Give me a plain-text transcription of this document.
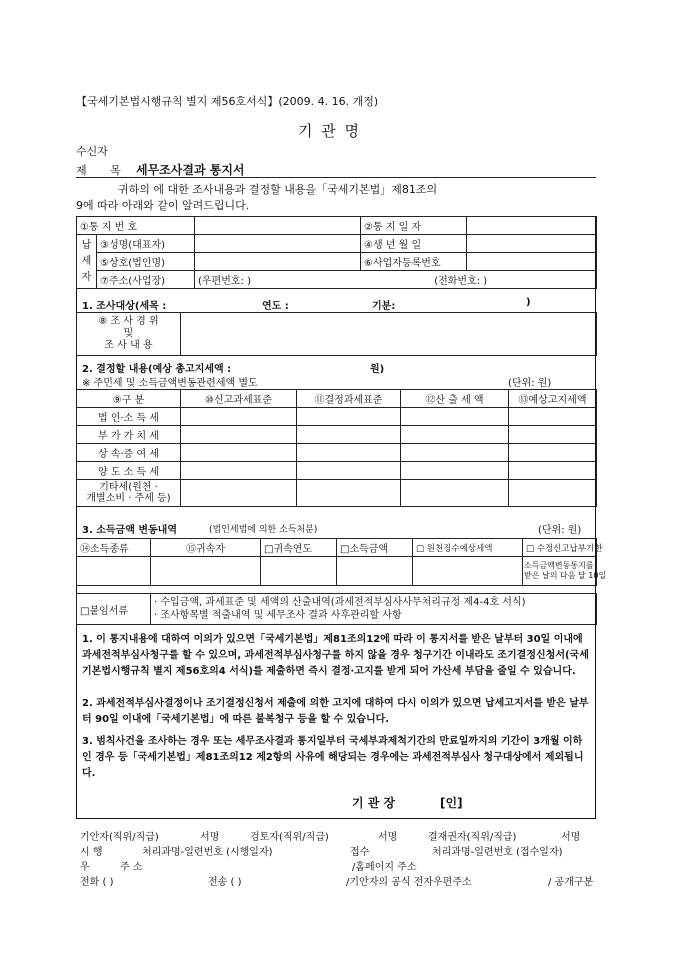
【국세기본법시행규칙 별지 제56호서식】(2009. 4. 16. 개정)
기 관 명
수신자
제 목 세무조사결과 통지서
귀하의 에 대한 조사내용과 결정할 내용을「국세기본법」제81조의
9에 따라 아래와 같이 알려드립니다.
①통 지 번 호			②통 지 일 자	

납
세
자	③성명(대표자)		④생 년 월 일	
	⑤상호(법인명)		⑥사업자등록번호	
	⑦주소(사업장)	(우편번호: ) (전화번호: )		
1. 조사대상(세목 :	연도 :	기분:	)
⑧ 조 사 경 위
및
조 사 내 용

2. 결정할 내용(예상 총고지세액 :	원)
※ 주민세 및 소득금액변동관련세액 별도	(단위: 원)
⑨구 분	⑩신고과세표준	⑪결정과세표준	⑫산 출 세 액	⑬예상고지세액
법 인·소 득 세				
부 가 가 치 세				
상 속·증 여 세				
양 도 소 득 세				

기타세(원천 ·
개별소비 · 주세 등)				

3. 소득금액 변동내역	(법인세법에 의한 소득처분)	(단위: 원)
⑭소득종류	⑮귀속자	□귀속연도	□소득금액	□ 원천징수예상세액	□ 수정신고납부기한

					소득금액변동통지를
받은 날의 다음 달 10일
□붙임서류	
· 수입금액, 과세표준 및 세액의 산출내역(과세전적부심사사무처리규정 제4-4호 서식)
· 조사항목별 적출내역 및 세무조사 결과 사후관리할 사항
1. 이 통지내용에 대하여 이의가 있으면「국세기본법」제81조의12에 따라 이 통지서를 받은 날부터 30일 이내에 과세전적부심사청구를 할 수 있으며, 과세전적부심사청구를 하지 않을 경우 청구기간 이내라도 조기결정신청서(국세기본법시행규칙 별지 제56호의4 서식)를 제출하면 즉시 결정·고지를 받게 되어 가산세 부담을 줄일 수 있습니다.
2. 과세전적부심사결정이나 조기결정신청서 제출에 의한 고지에 대하여 다시 이의가 있으면 납세고지서를 받은 날부터 90일 이내에「국세기본법」에 따른 불복청구 등을 할 수 있습니다.
3. 범칙사건을 조사하는 경우 또는 세무조사결과 통지일부터 국세부과제척기간의 만료일까지의 기간이 3개월 이하인 경우 등「국세기본법」제81조의12 제2항의 사유에 해당되는 경우에는 과세전적부심사 청구대상에서 제외됩니다.
기 관 장	[인]
기안자(직위/직급)	서명	검토자(직위/직급)	서명	결재권자(직위/직급)	서명
시 행	처리과명-일련번호 (시행일자)	접수	처리과명-일련번호 (접수일자)
우	주 소	/홈페이지 주소
전화 ( )	전송 ( )	/기안자의 공식 전자우편주소	/ 공개구분
